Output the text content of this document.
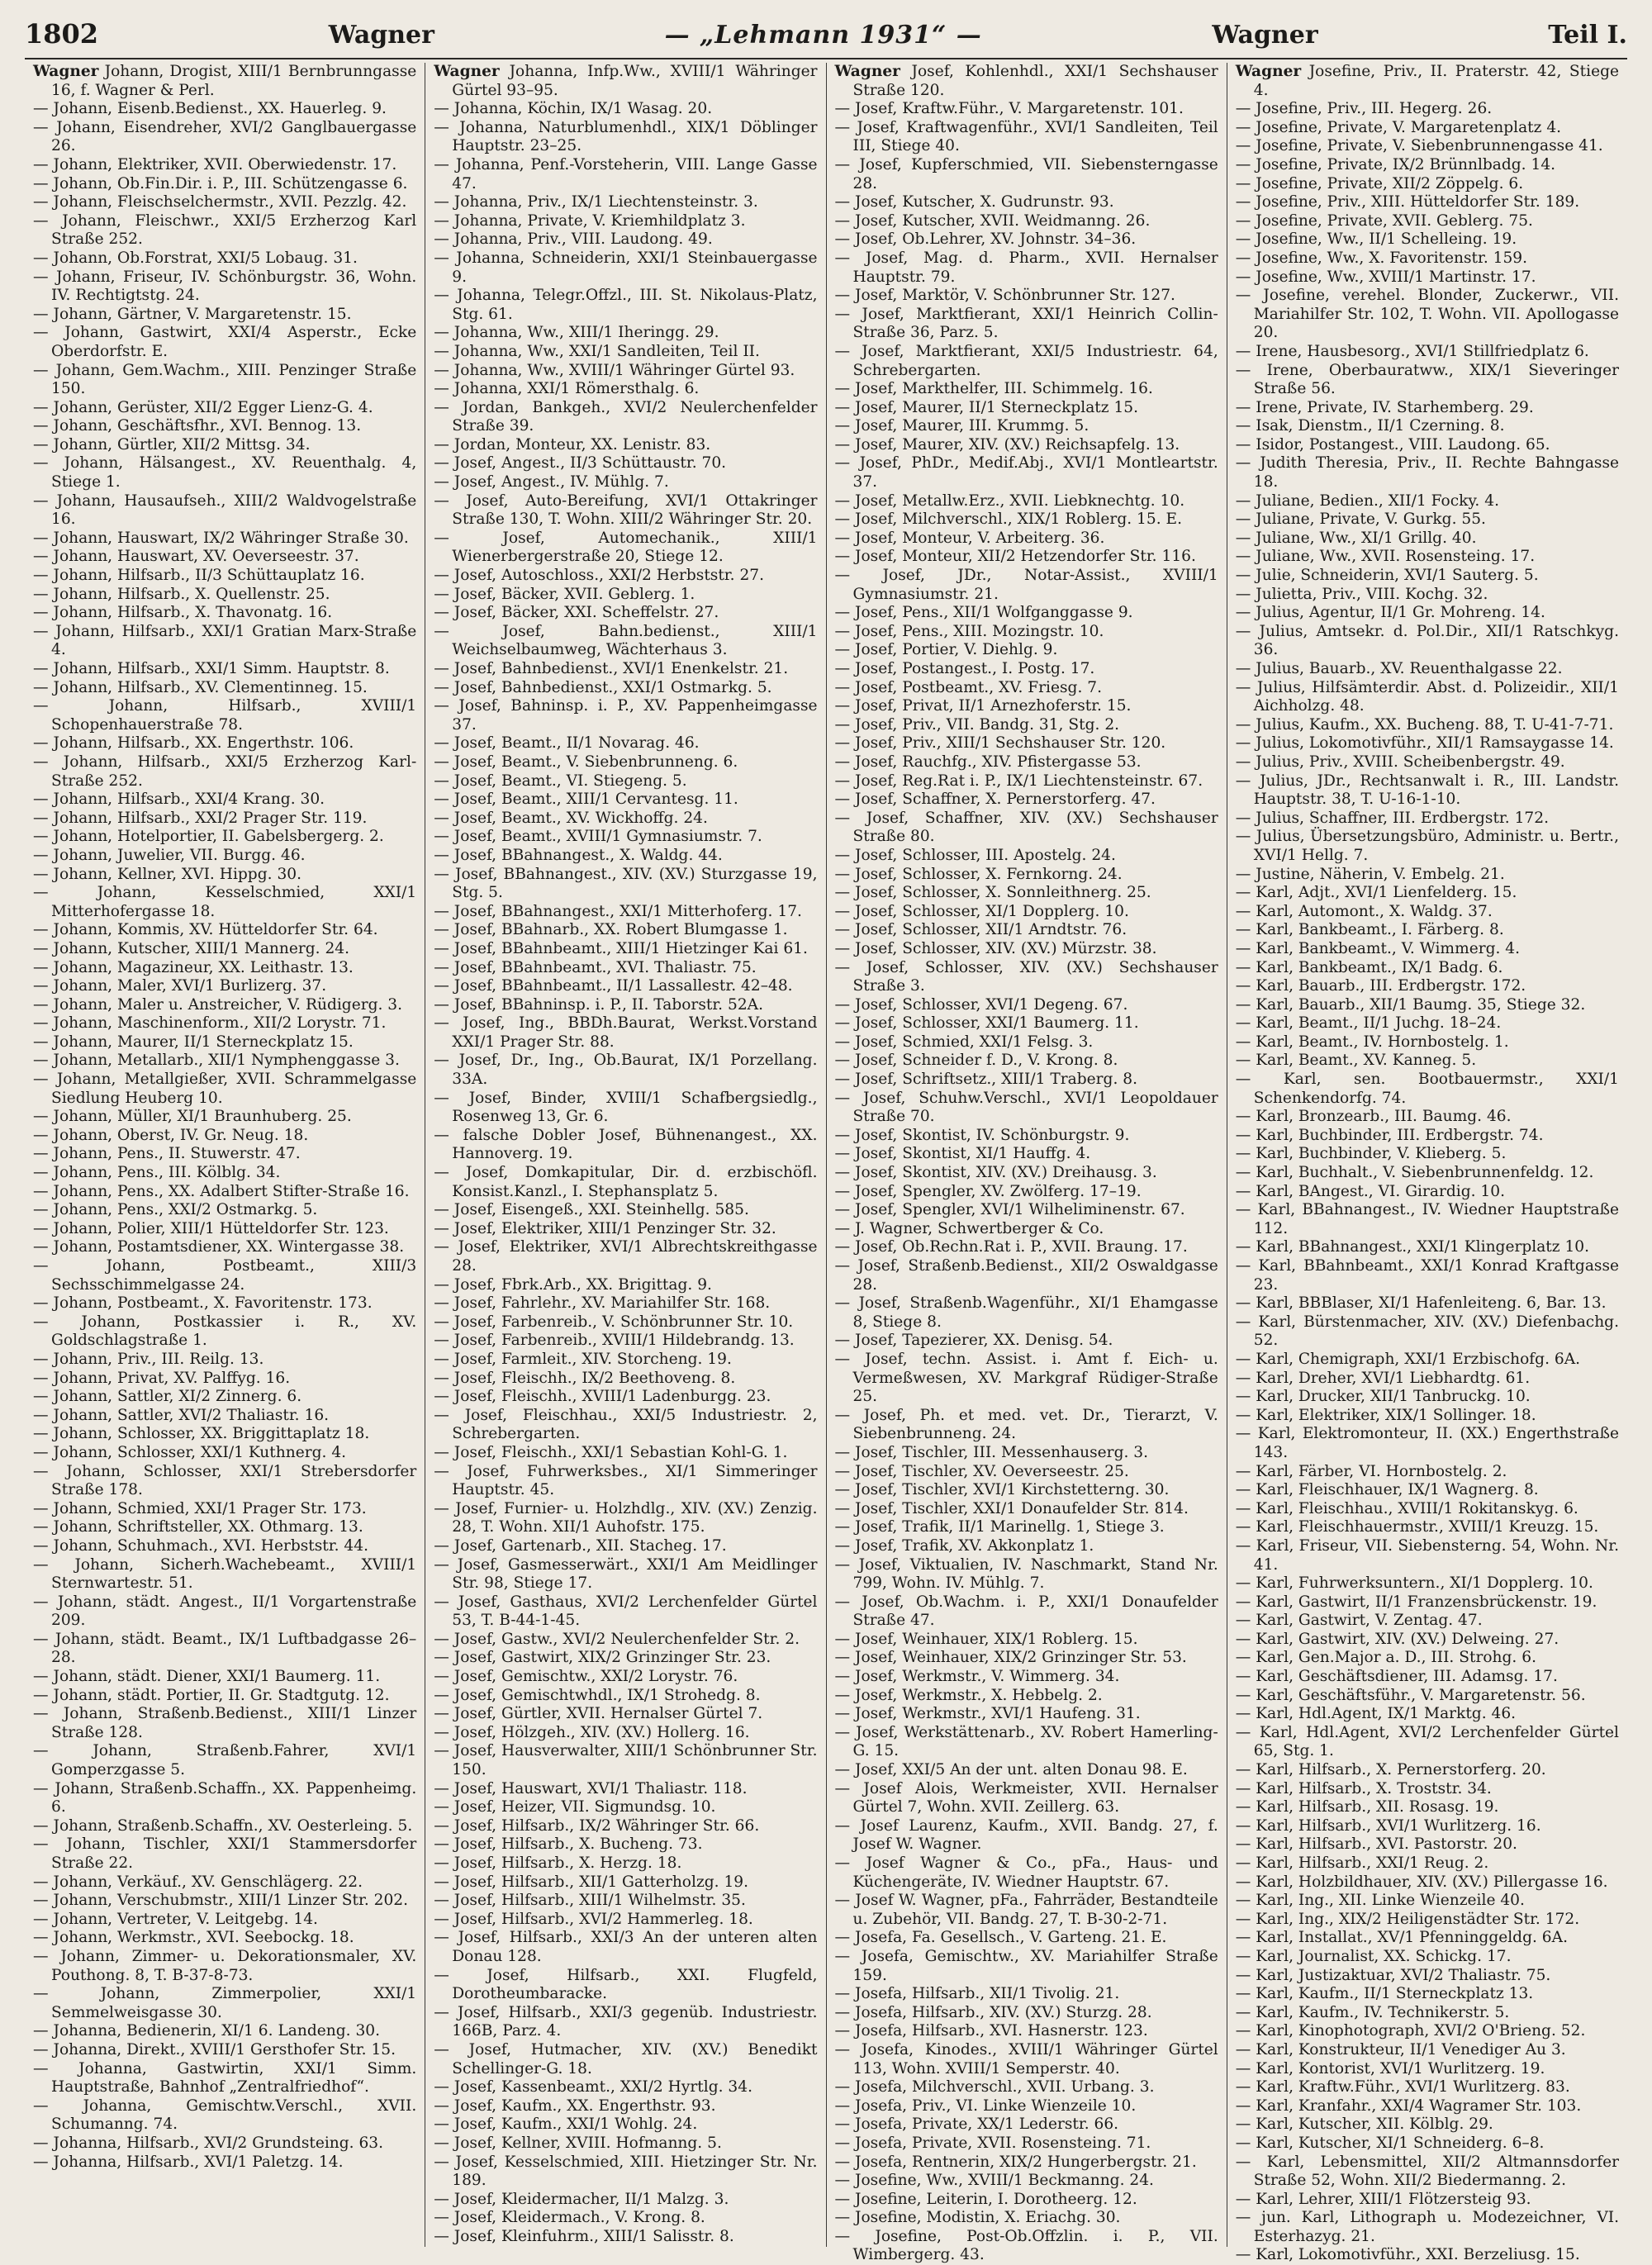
1802	Wagner	— „Lehmann 1931“ —	Wagner	Teil I.

Wagner Johann, Drogist, XIII/1 Bernbrunngasse 16, f. Wagner & Perl.

— Johann, Eisenb.Bedienst., XX. Hauerleg. 9.

— Johann, Eisendreher, XVI/2 Ganglbauergasse 26.

— Johann, Elektriker, XVII. Oberwiedenstr. 17.

— Johann, Ob.Fin.Dir. i. P., III. Schützengasse 6.

— Johann, Fleischselchermstr., XVII. Pezzlg. 42.

— Johann, Fleischwr., XXI/5 Erzherzog Karl Straße 252.

— Johann, Ob.Forstrat, XXI/5 Lobaug. 31.

— Johann, Friseur, IV. Schönburgstr. 36, Wohn. IV. Rechtigtstg. 24.

— Johann, Gärtner, V. Margaretenstr. 15.

— Johann, Gastwirt, XXI/4 Asperstr., Ecke Oberdorfstr. E.

— Johann, Gem.Wachm., XIII. Penzinger Straße 150.

— Johann, Gerüster, XII/2 Egger Lienz-G. 4.

— Johann, Geschäftsfhr., XVI. Bennog. 13.

— Johann, Gürtler, XII/2 Mittsg. 34.

— Johann, Hälsangest., XV. Reuenthalg. 4, Stiege 1.

— Johann, Hausaufseh., XIII/2 Waldvogelstraße 16.

— Johann, Hauswart, IX/2 Währinger Straße 30.

— Johann, Hauswart, XV. Oeverseestr. 37.

— Johann, Hilfsarb., II/3 Schüttauplatz 16.

— Johann, Hilfsarb., X. Quellenstr. 25.

— Johann, Hilfsarb., X. Thavonatg. 16.

— Johann, Hilfsarb., XXI/1 Gratian Marx-Straße 4.

— Johann, Hilfsarb., XXI/1 Simm. Hauptstr. 8.

— Johann, Hilfsarb., XV. Clementinneg. 15.

— Johann, Hilfsarb., XVIII/1 Schopenhauerstraße 78.

— Johann, Hilfsarb., XX. Engerthstr. 106.

— Johann, Hilfsarb., XXI/5 Erzherzog Karl-Straße 252.

— Johann, Hilfsarb., XXI/4 Krang. 30.

— Johann, Hilfsarb., XXI/2 Prager Str. 119.

— Johann, Hotelportier, II. Gabelsbergerg. 2.

— Johann, Juwelier, VII. Burgg. 46.

— Johann, Kellner, XVI. Hippg. 30.

— Johann, Kesselschmied, XXI/1 Mitterhofergasse 18.

— Johann, Kommis, XV. Hütteldorfer Str. 64.

— Johann, Kutscher, XIII/1 Mannerg. 24.

— Johann, Magazineur, XX. Leithastr. 13.

— Johann, Maler, XVI/1 Burlizerg. 37.

— Johann, Maler u. Anstreicher, V. Rüdigerg. 3.

— Johann, Maschinenform., XII/2 Lorystr. 71.

— Johann, Maurer, II/1 Sterneckplatz 15.

— Johann, Metallarb., XII/1 Nymphenggasse 3.

— Johann, Metallgießer, XVII. Schrammelgasse Siedlung Heuberg 10.

— Johann, Müller, XI/1 Braunhuberg. 25.

— Johann, Oberst, IV. Gr. Neug. 18.

— Johann, Pens., II. Stuwerstr. 47.

— Johann, Pens., III. Kölblg. 34.

— Johann, Pens., XX. Adalbert Stifter-Straße 16.

— Johann, Pens., XXI/2 Ostmarkg. 5.

— Johann, Polier, XIII/1 Hütteldorfer Str. 123.

— Johann, Postamtsdiener, XX. Wintergasse 38.

— Johann, Postbeamt., XIII/3 Sechsschimmelgasse 24.

— Johann, Postbeamt., X. Favoritenstr. 173.

— Johann, Postkassier i. R., XV. Goldschlagstraße 1.

— Johann, Priv., III. Reilg. 13.

— Johann, Privat, XV. Palffyg. 16.

— Johann, Sattler, XI/2 Zinnerg. 6.

— Johann, Sattler, XVI/2 Thaliastr. 16.

— Johann, Schlosser, XX. Briggittaplatz 18.

— Johann, Schlosser, XXI/1 Kuthnerg. 4.

— Johann, Schlosser, XXI/1 Strebersdorfer Straße 178.

— Johann, Schmied, XXI/1 Prager Str. 173.

— Johann, Schriftsteller, XX. Othmarg. 13.

— Johann, Schuhmach., XVI. Herbststr. 44.

— Johann, Sicherh.Wachebeamt., XVIII/1 Sternwartestr. 51.

— Johann, städt. Angest., II/1 Vorgartenstraße 209.

— Johann, städt. Beamt., IX/1 Luftbadgasse 26–28.

— Johann, städt. Diener, XXI/1 Baumerg. 11.

— Johann, städt. Portier, II. Gr. Stadtgutg. 12.

— Johann, Straßenb.Bedienst., XIII/1 Linzer Straße 128.

— Johann, Straßenb.Fahrer, XVI/1 Gomperzgasse 5.

— Johann, Straßenb.Schaffn., XX. Pappenheimg. 6.

— Johann, Straßenb.Schaffn., XV. Oesterleing. 5.

— Johann, Tischler, XXI/1 Stammersdorfer Straße 22.

— Johann, Verkäuf., XV. Genschlägerg. 22.

— Johann, Verschubmstr., XIII/1 Linzer Str. 202.

— Johann, Vertreter, V. Leitgebg. 14.

— Johann, Werkmstr., XVI. Seebockg. 18.

— Johann, Zimmer- u. Dekorationsmaler, XV. Pouthong. 8, T. B-37-8-73.

— Johann, Zimmerpolier, XXI/1 Semmelweisgasse 30.

— Johanna, Bedienerin, XI/1 6. Landeng. 30.

— Johanna, Direkt., XVIII/1 Gersthofer Str. 15.

— Johanna, Gastwirtin, XXI/1 Simm. Hauptstraße, Bahnhof „Zentralfriedhof“.

— Johanna, Gemischtw.Verschl., XVII. Schumanng. 74.

— Johanna, Hilfsarb., XVI/2 Grundsteing. 63.

— Johanna, Hilfsarb., XVI/1 Paletzg. 14.

Wagner Johanna, Infp.Ww., XVIII/1 Währinger Gürtel 93–95.

— Johanna, Köchin, IX/1 Wasag. 20.

— Johanna, Naturblumenhdl., XIX/1 Döblinger Hauptstr. 23–25.

— Johanna, Penf.-Vorsteherin, VIII. Lange Gasse 47.

— Johanna, Priv., IX/1 Liechtensteinstr. 3.

— Johanna, Private, V. Kriemhildplatz 3.

— Johanna, Priv., VIII. Laudong. 49.

— Johanna, Schneiderin, XXI/1 Steinbauergasse 9.

— Johanna, Telegr.Offzl., III. St. Nikolaus-Platz, Stg. 61.

— Johanna, Ww., XIII/1 Iheringg. 29.

— Johanna, Ww., XXI/1 Sandleiten, Teil II.

— Johanna, Ww., XVIII/1 Währinger Gürtel 93.

— Johanna, XXI/1 Römersthalg. 6.

— Jordan, Bankgeh., XVI/2 Neulerchenfelder Straße 39.

— Jordan, Monteur, XX. Lenistr. 83.

— Josef, Angest., II/3 Schüttaustr. 70.

— Josef, Angest., IV. Mühlg. 7.

— Josef, Auto-Bereifung, XVI/1 Ottakringer Straße 130, T. Wohn. XIII/2 Währinger Str. 20.

— Josef, Automechanik., XIII/1 Wienerbergerstraße 20, Stiege 12.

— Josef, Autoschloss., XXI/2 Herbststr. 27.

— Josef, Bäcker, XVII. Geblerg. 1.

— Josef, Bäcker, XXI. Scheffelstr. 27.

— Josef, Bahn.bedienst., XIII/1 Weichselbaumweg, Wächterhaus 3.

— Josef, Bahnbedienst., XVI/1 Enenkelstr. 21.

— Josef, Bahnbedienst., XXI/1 Ostmarkg. 5.

— Josef, Bahninsp. i. P., XV. Pappenheimgasse 37.

— Josef, Beamt., II/1 Novarag. 46.

— Josef, Beamt., V. Siebenbrunneng. 6.

— Josef, Beamt., VI. Stiegeng. 5.

— Josef, Beamt., XIII/1 Cervantesg. 11.

— Josef, Beamt., XV. Wickhoffg. 24.

— Josef, Beamt., XVIII/1 Gymnasiumstr. 7.

— Josef, BBahnangest., X. Waldg. 44.

— Josef, BBahnangest., XIV. (XV.) Sturzgasse 19, Stg. 5.

— Josef, BBahnangest., XXI/1 Mitterhoferg. 17.

— Josef, BBahnarb., XX. Robert Blumgasse 1.

— Josef, BBahnbeamt., XIII/1 Hietzinger Kai 61.

— Josef, BBahnbeamt., XVI. Thaliastr. 75.

— Josef, BBahnbeamt., II/1 Lassallestr. 42–48.

— Josef, BBahninsp. i. P., II. Taborstr. 52A.

— Josef, Ing., BBDh.Baurat, Werkst.Vorstand XXI/1 Prager Str. 88.

— Josef, Dr., Ing., Ob.Baurat, IX/1 Porzellang. 33A.

— Josef, Binder, XVIII/1 Schafbergsiedlg., Rosenweg 13, Gr. 6.

— falsche Dobler Josef, Bühnenangest., XX. Hannoverg. 19.

— Josef, Domkapitular, Dir. d. erzbischöfl. Konsist.Kanzl., I. Stephansplatz 5.

— Josef, Eisengeß., XXI. Steinhellg. 585.

— Josef, Elektriker, XIII/1 Penzinger Str. 32.

— Josef, Elektriker, XVI/1 Albrechtskreithgasse 28.

— Josef, Fbrk.Arb., XX. Brigittag. 9.

— Josef, Fahrlehr., XV. Mariahilfer Str. 168.

— Josef, Farbenreib., V. Schönbrunner Str. 10.

— Josef, Farbenreib., XVIII/1 Hildebrandg. 13.

— Josef, Farmleit., XIV. Storcheng. 19.

— Josef, Fleischh., IX/2 Beethoveng. 8.

— Josef, Fleischh., XVIII/1 Ladenburgg. 23.

— Josef, Fleischhau., XXI/5 Industriestr. 2, Schrebergarten.

— Josef, Fleischh., XXI/1 Sebastian Kohl-G. 1.

— Josef, Fuhrwerksbes., XI/1 Simmeringer Hauptstr. 45.

— Josef, Furnier- u. Holzhdlg., XIV. (XV.) Zenzig. 28, T. Wohn. XII/1 Auhofstr. 175.

— Josef, Gartenarb., XII. Stacheg. 17.

— Josef, Gasmesserwärt., XXI/1 Am Meidlinger Str. 98, Stiege 17.

— Josef, Gasthaus, XVI/2 Lerchenfelder Gürtel 53, T. B-44-1-45.

— Josef, Gastw., XVI/2 Neulerchenfelder Str. 2.

— Josef, Gastwirt, XIX/2 Grinzinger Str. 23.

— Josef, Gemischtw., XXI/2 Lorystr. 76.

— Josef, Gemischtwhdl., IX/1 Strohedg. 8.

— Josef, Gürtler, XVII. Hernalser Gürtel 7.

— Josef, Hölzgeh., XIV. (XV.) Hollerg. 16.

— Josef, Hausverwalter, XIII/1 Schönbrunner Str. 150.

— Josef, Hauswart, XVI/1 Thaliastr. 118.

— Josef, Heizer, VII. Sigmundsg. 10.

— Josef, Hilfsarb., IX/2 Währinger Str. 66.

— Josef, Hilfsarb., X. Bucheng. 73.

— Josef, Hilfsarb., X. Herzg. 18.

— Josef, Hilfsarb., XII/1 Gatterholzg. 19.

— Josef, Hilfsarb., XIII/1 Wilhelmstr. 35.

— Josef, Hilfsarb., XVI/2 Hammerleg. 18.

— Josef, Hilfsarb., XXI/3 An der unteren alten Donau 128.

— Josef, Hilfsarb., XXI. Flugfeld, Dorotheumbaracke.

— Josef, Hilfsarb., XXI/3 gegenüb. Industriestr. 166B, Parz. 4.

— Josef, Hutmacher, XIV. (XV.) Benedikt Schellinger-G. 18.

— Josef, Kassenbeamt., XXI/2 Hyrtlg. 34.

— Josef, Kaufm., XX. Engerthstr. 93.

— Josef, Kaufm., XXI/1 Wohlg. 24.

— Josef, Kellner, XVIII. Hofmanng. 5.

— Josef, Kesselschmied, XIII. Hietzinger Str. Nr. 189.

— Josef, Kleidermacher, II/1 Malzg. 3.

— Josef, Kleidermach., V. Krong. 8.

— Josef, Kleinfuhrm., XIII/1 Salisstr. 8.

Wagner Josef, Kohlenhdl., XXI/1 Sechshauser Straße 120.

— Josef, Kraftw.Führ., V. Margaretenstr. 101.

— Josef, Kraftwagenführ., XVI/1 Sandleiten, Teil III, Stiege 40.

— Josef, Kupferschmied, VII. Siebensterngasse 28.

— Josef, Kutscher, X. Gudrunstr. 93.

— Josef, Kutscher, XVII. Weidmanng. 26.

— Josef, Ob.Lehrer, XV. Johnstr. 34–36.

— Josef, Mag. d. Pharm., XVII. Hernalser Hauptstr. 79.

— Josef, Marktör, V. Schönbrunner Str. 127.

— Josef, Marktfierant, XXI/1 Heinrich Collin-Straße 36, Parz. 5.

— Josef, Marktfierant, XXI/5 Industriestr. 64, Schrebergarten.

— Josef, Markthelfer, III. Schimmelg. 16.

— Josef, Maurer, II/1 Sterneckplatz 15.

— Josef, Maurer, III. Krummg. 5.

— Josef, Maurer, XIV. (XV.) Reichsapfelg. 13.

— Josef, PhDr., Medif.Abj., XVI/1 Montleartstr. 37.

— Josef, Metallw.Erz., XVII. Liebknechtg. 10.

— Josef, Milchverschl., XIX/1 Roblerg. 15. E.

— Josef, Monteur, V. Arbeiterg. 36.

— Josef, Monteur, XII/2 Hetzendorfer Str. 116.

— Josef, JDr., Notar-Assist., XVIII/1 Gymnasiumstr. 21.

— Josef, Pens., XII/1 Wolfganggasse 9.

— Josef, Pens., XIII. Mozingstr. 10.

— Josef, Portier, V. Diehlg. 9.

— Josef, Postangest., I. Postg. 17.

— Josef, Postbeamt., XV. Friesg. 7.

— Josef, Privat, II/1 Arnezhoferstr. 15.

— Josef, Priv., VII. Bandg. 31, Stg. 2.

— Josef, Priv., XIII/1 Sechshauser Str. 120.

— Josef, Rauchfg., XIV. Pfistergasse 53.

— Josef, Reg.Rat i. P., IX/1 Liechtensteinstr. 67.

— Josef, Schaffner, X. Pernerstorferg. 47.

— Josef, Schaffner, XIV. (XV.) Sechshauser Straße 80.

— Josef, Schlosser, III. Apostelg. 24.

— Josef, Schlosser, X. Fernkorng. 24.

— Josef, Schlosser, X. Sonnleithnerg. 25.

— Josef, Schlosser, XI/1 Dopplerg. 10.

— Josef, Schlosser, XII/1 Arndtstr. 76.

— Josef, Schlosser, XIV. (XV.) Mürzstr. 38.

— Josef, Schlosser, XIV. (XV.) Sechshauser Straße 3.

— Josef, Schlosser, XVI/1 Degeng. 67.

— Josef, Schlosser, XXI/1 Baumerg. 11.

— Josef, Schmied, XXI/1 Felsg. 3.

— Josef, Schneider f. D., V. Krong. 8.

— Josef, Schriftsetz., XIII/1 Traberg. 8.

— Josef, Schuhw.Verschl., XVI/1 Leopoldauer Straße 70.

— Josef, Skontist, IV. Schönburgstr. 9.

— Josef, Skontist, XI/1 Hauffg. 4.

— Josef, Skontist, XIV. (XV.) Dreihausg. 3.

— Josef, Spengler, XV. Zwölferg. 17–19.

— Josef, Spengler, XVI/1 Wilheliminenstr. 67.

— J. Wagner, Schwertberger & Co.

— Josef, Ob.Rechn.Rat i. P., XVII. Braung. 17.

— Josef, Straßenb.Bedienst., XII/2 Oswaldgasse 28.

— Josef, Straßenb.Wagenführ., XI/1 Ehamgasse 8, Stiege 8.

— Josef, Tapezierer, XX. Denisg. 54.

— Josef, techn. Assist. i. Amt f. Eich- u. Vermeßwesen, XV. Markgraf Rüdiger-Straße 25.

— Josef, Ph. et med. vet. Dr., Tierarzt, V. Siebenbrunneng. 24.

— Josef, Tischler, III. Messenhauserg. 3.

— Josef, Tischler, XV. Oeverseestr. 25.

— Josef, Tischler, XVI/1 Kirchstetterng. 30.

— Josef, Tischler, XXI/1 Donaufelder Str. 814.

— Josef, Trafik, II/1 Marinellg. 1, Stiege 3.

— Josef, Trafik, XV. Akkonplatz 1.

— Josef, Viktualien, IV. Naschmarkt, Stand Nr. 799, Wohn. IV. Mühlg. 7.

— Josef, Ob.Wachm. i. P., XXI/1 Donaufelder Straße 47.

— Josef, Weinhauer, XIX/1 Roblerg. 15.

— Josef, Weinhauer, XIX/2 Grinzinger Str. 53.

— Josef, Werkmstr., V. Wimmerg. 34.

— Josef, Werkmstr., X. Hebbelg. 2.

— Josef, Werkmstr., XVI/1 Haufeng. 31.

— Josef, Werkstättenarb., XV. Robert Hamerling-G. 15.

— Josef, XXI/5 An der unt. alten Donau 98. E.

— Josef Alois, Werkmeister, XVII. Hernalser Gürtel 7, Wohn. XVII. Zeillerg. 63.

— Josef Laurenz, Kaufm., XVII. Bandg. 27, f. Josef W. Wagner.

— Josef Wagner & Co., pFa., Haus- und Küchengeräte, IV. Wiedner Hauptstr. 67.

— Josef W. Wagner, pFa., Fahrräder, Bestandteile u. Zubehör, VII. Bandg. 27, T. B-30-2-71.

— Josefa, Fa. Gesellsch., V. Garteng. 21. E.

— Josefa, Gemischtw., XV. Mariahilfer Straße 159.

— Josefa, Hilfsarb., XII/1 Tivolig. 21.

— Josefa, Hilfsarb., XIV. (XV.) Sturzg. 28.

— Josefa, Hilfsarb., XVI. Hasnerstr. 123.

— Josefa, Kinodes., XVIII/1 Währinger Gürtel 113, Wohn. XVIII/1 Semperstr. 40.

— Josefa, Milchverschl., XVII. Urbang. 3.

— Josefa, Priv., VI. Linke Wienzeile 10.

— Josefa, Private, XX/1 Lederstr. 66.

— Josefa, Private, XVII. Rosensteing. 71.

— Josefa, Rentnerin, XIX/2 Hungerbergstr. 21.

— Josefine, Ww., XVIII/1 Beckmanng. 24.

— Josefine, Leiterin, I. Dorotheerg. 12.

— Josefine, Modistin, X. Eriachg. 30.

— Josefine, Post-Ob.Offzlin. i. P., VII. Wimbergerg. 43.

Wagner Josefine, Priv., II. Praterstr. 42, Stiege 4.

— Josefine, Priv., III. Hegerg. 26.

— Josefine, Private, V. Margaretenplatz 4.

— Josefine, Private, V. Siebenbrunnengasse 41.

— Josefine, Private, IX/2 Brünnlbadg. 14.

— Josefine, Private, XII/2 Zöppelg. 6.

— Josefine, Priv., XIII. Hütteldorfer Str. 189.

— Josefine, Private, XVII. Geblerg. 75.

— Josefine, Ww., II/1 Schelleing. 19.

— Josefine, Ww., X. Favoritenstr. 159.

— Josefine, Ww., XVIII/1 Martinstr. 17.

— Josefine, verehel. Blonder, Zuckerwr., VII. Mariahilfer Str. 102, T. Wohn. VII. Apollogasse 20.

— Irene, Hausbesorg., XVI/1 Stillfriedplatz 6.

— Irene, Oberbauratww., XIX/1 Sieveringer Straße 56.

— Irene, Private, IV. Starhemberg. 29.

— Isak, Dienstm., II/1 Czerning. 8.

— Isidor, Postangest., VIII. Laudong. 65.

— Judith Theresia, Priv., II. Rechte Bahngasse 18.

— Juliane, Bedien., XII/1 Focky. 4.

— Juliane, Private, V. Gurkg. 55.

— Juliane, Ww., XI/1 Grillg. 40.

— Juliane, Ww., XVII. Rosensteing. 17.

— Julie, Schneiderin, XVI/1 Sauterg. 5.

— Julietta, Priv., VIII. Kochg. 32.

— Julius, Agentur, II/1 Gr. Mohreng. 14.

— Julius, Amtsekr. d. Pol.Dir., XII/1 Ratschkyg. 36.

— Julius, Bauarb., XV. Reuenthalgasse 22.

— Julius, Hilfsämterdir. Abst. d. Polizeidir., XII/1 Aichholzg. 48.

— Julius, Kaufm., XX. Bucheng. 88, T. U-41-7-71.

— Julius, Lokomotivführ., XII/1 Ramsaygasse 14.

— Julius, Priv., XVIII. Scheibenbergstr. 49.

— Julius, JDr., Rechtsanwalt i. R., III. Landstr. Hauptstr. 38, T. U-16-1-10.

— Julius, Schaffner, III. Erdbergstr. 172.

— Julius, Übersetzungsbüro, Administr. u. Bertr., XVI/1 Hellg. 7.

— Justine, Näherin, V. Embelg. 21.

— Karl, Adjt., XVI/1 Lienfelderg. 15.

— Karl, Automont., X. Waldg. 37.

— Karl, Bankbeamt., I. Färberg. 8.

— Karl, Bankbeamt., V. Wimmerg. 4.

— Karl, Bankbeamt., IX/1 Badg. 6.

— Karl, Bauarb., III. Erdbergstr. 172.

— Karl, Bauarb., XII/1 Baumg. 35, Stiege 32.

— Karl, Beamt., II/1 Juchg. 18–24.

— Karl, Beamt., IV. Hornbostelg. 1.

— Karl, Beamt., XV. Kanneg. 5.

— Karl, sen. Bootbauermstr., XXI/1 Schenkendorfg. 74.

— Karl, Bronzearb., III. Baumg. 46.

— Karl, Buchbinder, III. Erdbergstr. 74.

— Karl, Buchbinder, V. Klieberg. 5.

— Karl, Buchhalt., V. Siebenbrunnenfeldg. 12.

— Karl, BAngest., VI. Girardig. 10.

— Karl, BBahnangest., IV. Wiedner Hauptstraße 112.

— Karl, BBahnangest., XXI/1 Klingerplatz 10.

— Karl, BBahnbeamt., XXI/1 Konrad Kraftgasse 23.

— Karl, BBBlaser, XI/1 Hafenleiteng. 6, Bar. 13.

— Karl, Bürstenmacher, XIV. (XV.) Diefenbachg. 52.

— Karl, Chemigraph, XXI/1 Erzbischofg. 6A.

— Karl, Dreher, XVI/1 Liebhardtg. 61.

— Karl, Drucker, XII/1 Tanbruckg. 10.

— Karl, Elektriker, XIX/1 Sollinger. 18.

— Karl, Elektromonteur, II. (XX.) Engerthstraße 143.

— Karl, Färber, VI. Hornbostelg. 2.

— Karl, Fleischhauer, IX/1 Wagnerg. 8.

— Karl, Fleischhau., XVIII/1 Rokitanskyg. 6.

— Karl, Fleischhauermstr., XVIII/1 Kreuzg. 15.

— Karl, Friseur, VII. Siebensterng. 54, Wohn. Nr. 41.

— Karl, Fuhrwerksuntern., XI/1 Dopplerg. 10.

— Karl, Gastwirt, II/1 Franzensbrückenstr. 19.

— Karl, Gastwirt, V. Zentag. 47.

— Karl, Gastwirt, XIV. (XV.) Delweing. 27.

— Karl, Gen.Major a. D., III. Strohg. 6.

— Karl, Geschäftsdiener, III. Adamsg. 17.

— Karl, Geschäftsführ., V. Margaretenstr. 56.

— Karl, Hdl.Agent, IX/1 Marktg. 46.

— Karl, Hdl.Agent, XVI/2 Lerchenfelder Gürtel 65, Stg. 1.

— Karl, Hilfsarb., X. Pernerstorferg. 20.

— Karl, Hilfsarb., X. Troststr. 34.

— Karl, Hilfsarb., XII. Rosasg. 19.

— Karl, Hilfsarb., XVI/1 Wurlitzerg. 16.

— Karl, Hilfsarb., XVI. Pastorstr. 20.

— Karl, Hilfsarb., XXI/1 Reug. 2.

— Karl, Holzbildhauer, XIV. (XV.) Pillergasse 16.

— Karl, Ing., XII. Linke Wienzeile 40.

— Karl, Ing., XIX/2 Heiligenstädter Str. 172.

— Karl, Installat., XV/1 Pfenninggeldg. 6A.

— Karl, Journalist, XX. Schickg. 17.

— Karl, Justizaktuar, XVI/2 Thaliastr. 75.

— Karl, Kaufm., II/1 Sterneckplatz 13.

— Karl, Kaufm., IV. Technikerstr. 5.

— Karl, Kinophotograph, XVI/2 O'Brieng. 52.

— Karl, Konstrukteur, II/1 Venediger Au 3.

— Karl, Kontorist, XVI/1 Wurlitzerg. 19.

— Karl, Kraftw.Führ., XVI/1 Wurlitzerg. 83.

— Karl, Kranfahr., XXI/4 Wagramer Str. 103.

— Karl, Kutscher, XII. Kölblg. 29.

— Karl, Kutscher, XI/1 Schneiderg. 6–8.

— Karl, Lebensmittel, XII/2 Altmannsdorfer Straße 52, Wohn. XII/2 Biedermanng. 2.

— Karl, Lehrer, XIII/1 Flötzersteig 93.

— jun. Karl, Lithograph u. Modezeichner, VI. Esterhazyg. 21.

— Karl, Lokomotivführ., XXI. Berzeliusg. 15.
